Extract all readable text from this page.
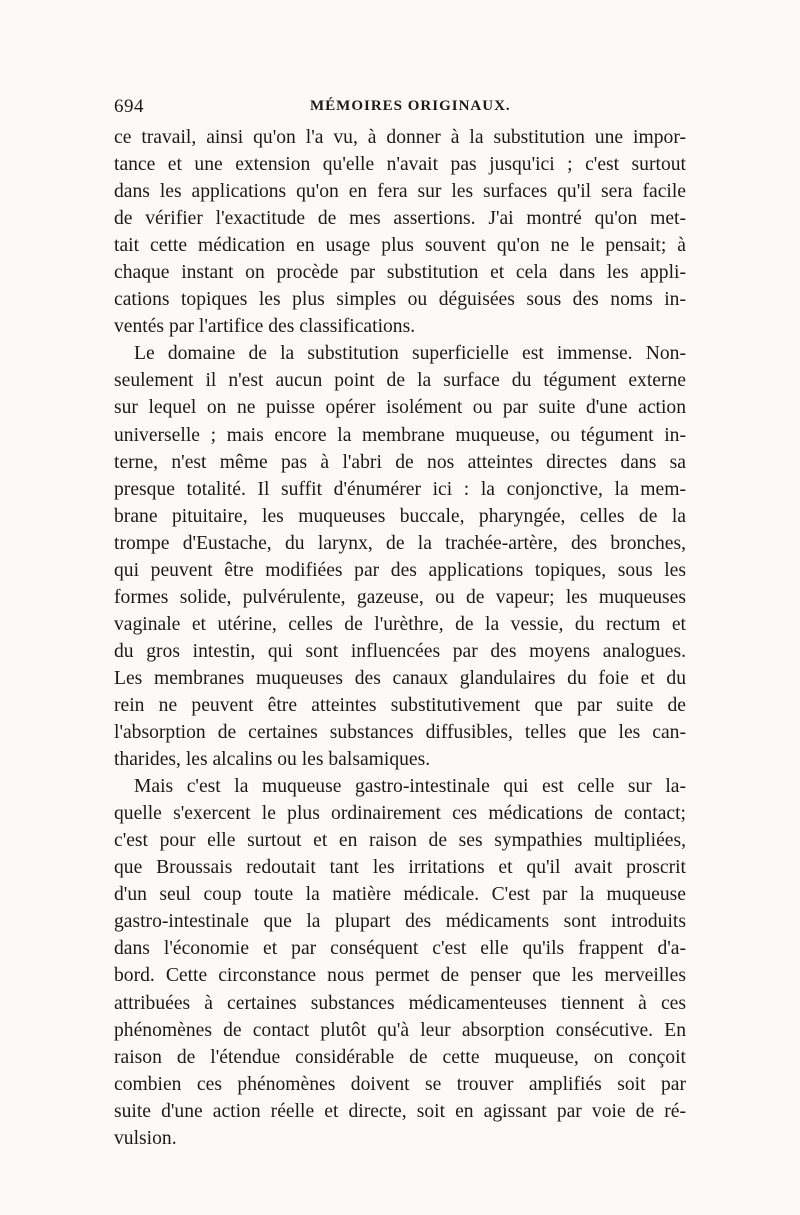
694	MÉMOIRES ORIGINAUX.
ce travail, ainsi qu'on l'a vu, à donner à la substitution une impor-
tance et une extension qu'elle n'avait pas jusqu'ici ; c'est surtout
dans les applications qu'on en fera sur les surfaces qu'il sera facile
de vérifier l'exactitude de mes assertions. J'ai montré qu'on met-
tait cette médication en usage plus souvent qu'on ne le pensait; à
chaque instant on procède par substitution et cela dans les appli-
cations topiques les plus simples ou déguisées sous des noms in-
ventés par l'artifice des classifications.
Le domaine de la substitution superficielle est immense. Non-
seulement il n'est aucun point de la surface du tégument externe
sur lequel on ne puisse opérer isolément ou par suite d'une action
universelle ; mais encore la membrane muqueuse, ou tégument in-
terne, n'est même pas à l'abri de nos atteintes directes dans sa
presque totalité. Il suffit d'énumérer ici : la conjonctive, la mem-
brane pituitaire, les muqueuses buccale, pharyngée, celles de la
trompe d'Eustache, du larynx, de la trachée-artère, des bronches,
qui peuvent être modifiées par des applications topiques, sous les
formes solide, pulvérulente, gazeuse, ou de vapeur; les muqueuses
vaginale et utérine, celles de l'urèthre, de la vessie, du rectum et
du gros intestin, qui sont influencées par des moyens analogues.
Les membranes muqueuses des canaux glandulaires du foie et du
rein ne peuvent être atteintes substitutivement que par suite de
l'absorption de certaines substances diffusibles, telles que les can-
tharides, les alcalins ou les balsamiques.
Mais c'est la muqueuse gastro-intestinale qui est celle sur la-
quelle s'exercent le plus ordinairement ces médications de contact;
c'est pour elle surtout et en raison de ses sympathies multipliées,
que Broussais redoutait tant les irritations et qu'il avait proscrit
d'un seul coup toute la matière médicale. C'est par la muqueuse
gastro-intestinale que la plupart des médicaments sont introduits
dans l'économie et par conséquent c'est elle qu'ils frappent d'a-
bord. Cette circonstance nous permet de penser que les merveilles
attribuées à certaines substances médicamenteuses tiennent à ces
phénomènes de contact plutôt qu'à leur absorption consécutive. En
raison de l'étendue considérable de cette muqueuse, on conçoit
combien ces phénomènes doivent se trouver amplifiés soit par
suite d'une action réelle et directe, soit en agissant par voie de ré-
vulsion.
